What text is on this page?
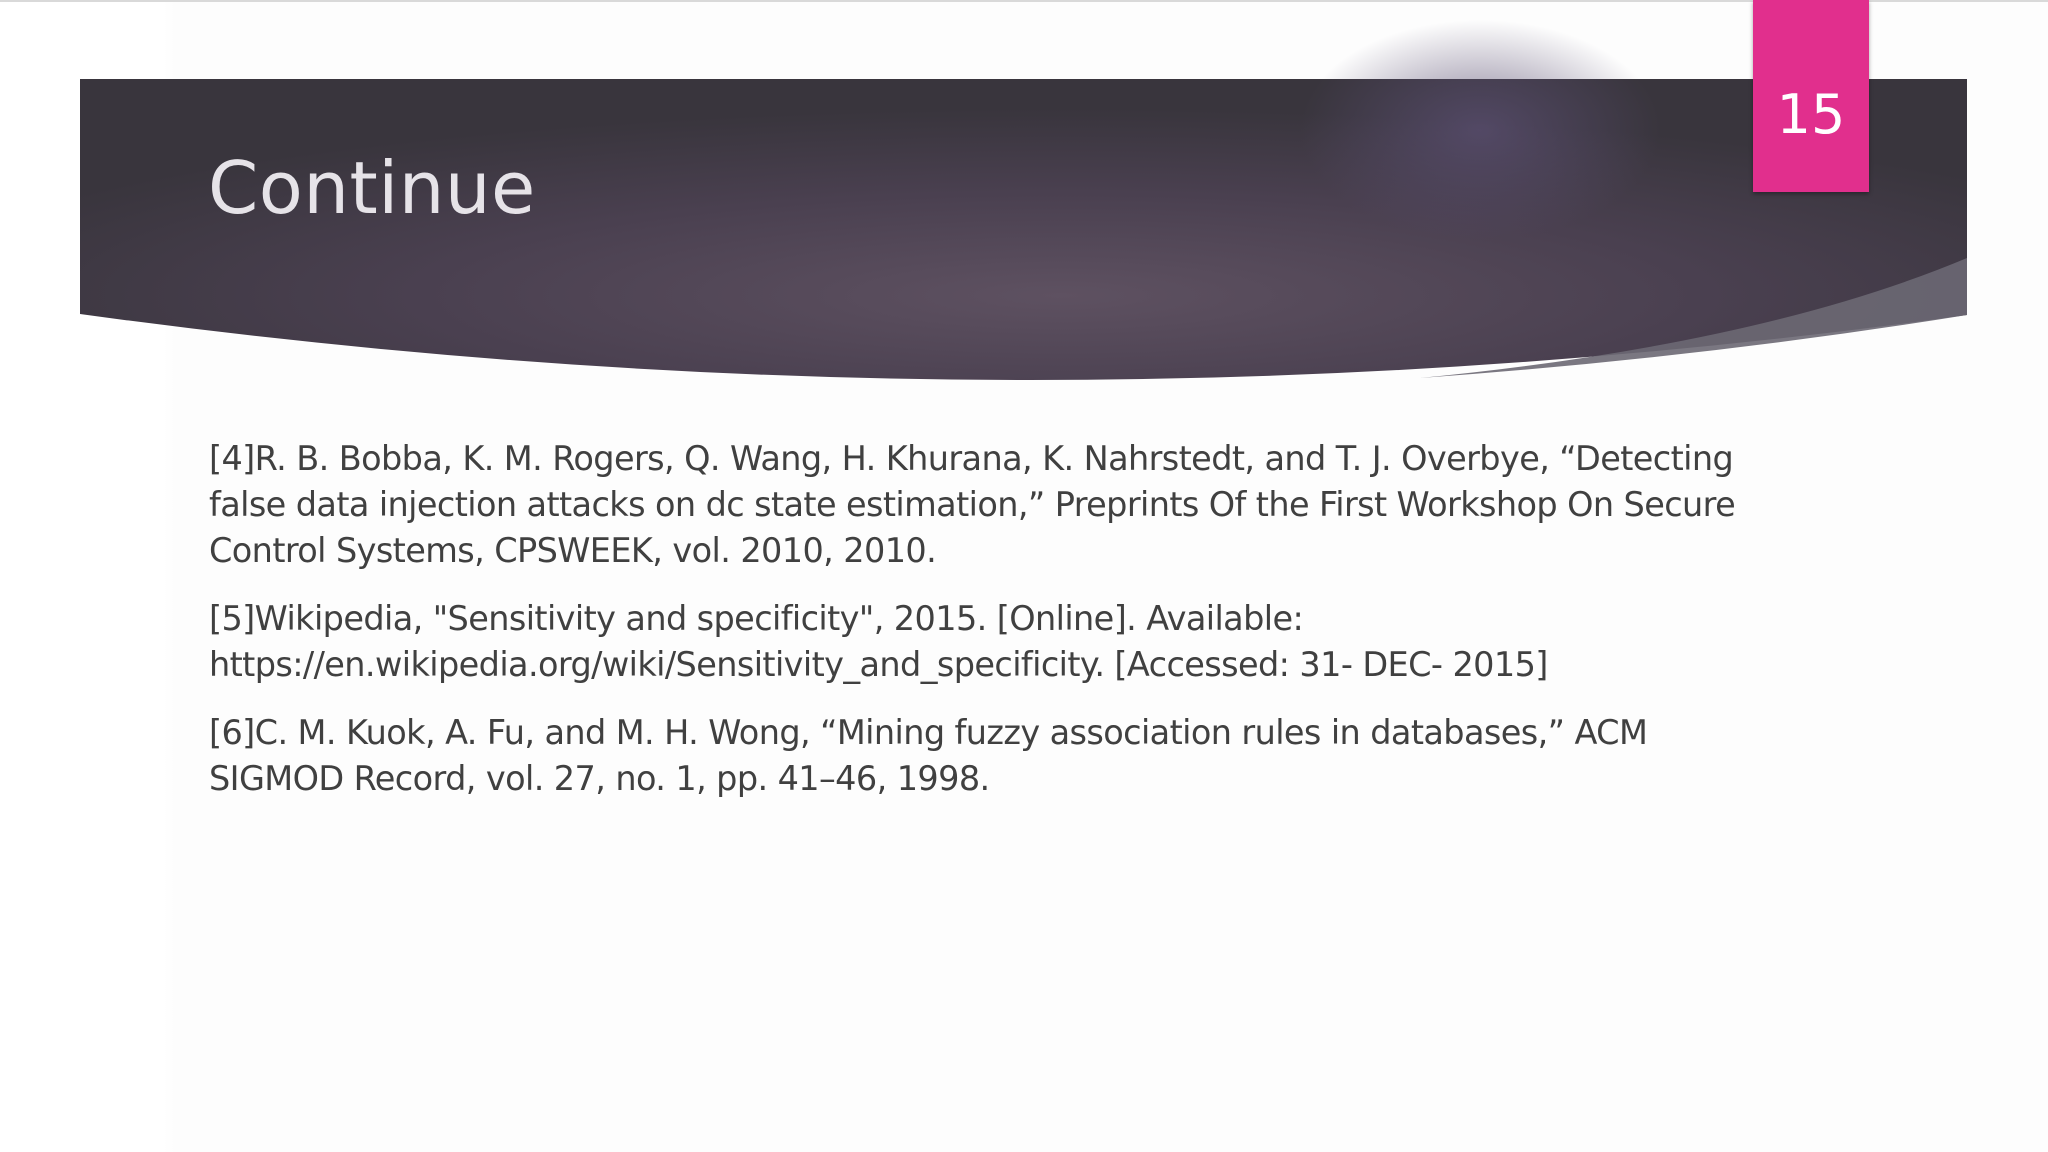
Continue
15
[4]R. B. Bobba, K. M. Rogers, Q. Wang, H. Khurana, K. Nahrstedt, and T. J. Overbye, “Detecting
false data injection attacks on dc state estimation,” Preprints Of the First Workshop On Secure
Control Systems, CPSWEEK, vol. 2010, 2010.
[5]Wikipedia, "Sensitivity and specificity", 2015. [Online]. Available:
https://en.wikipedia.org/wiki/Sensitivity_and_specificity. [Accessed: 31- DEC- 2015]
[6]C. M. Kuok, A. Fu, and M. H. Wong, “Mining fuzzy association rules in databases,” ACM
SIGMOD Record, vol. 27, no. 1, pp. 41–46, 1998.
